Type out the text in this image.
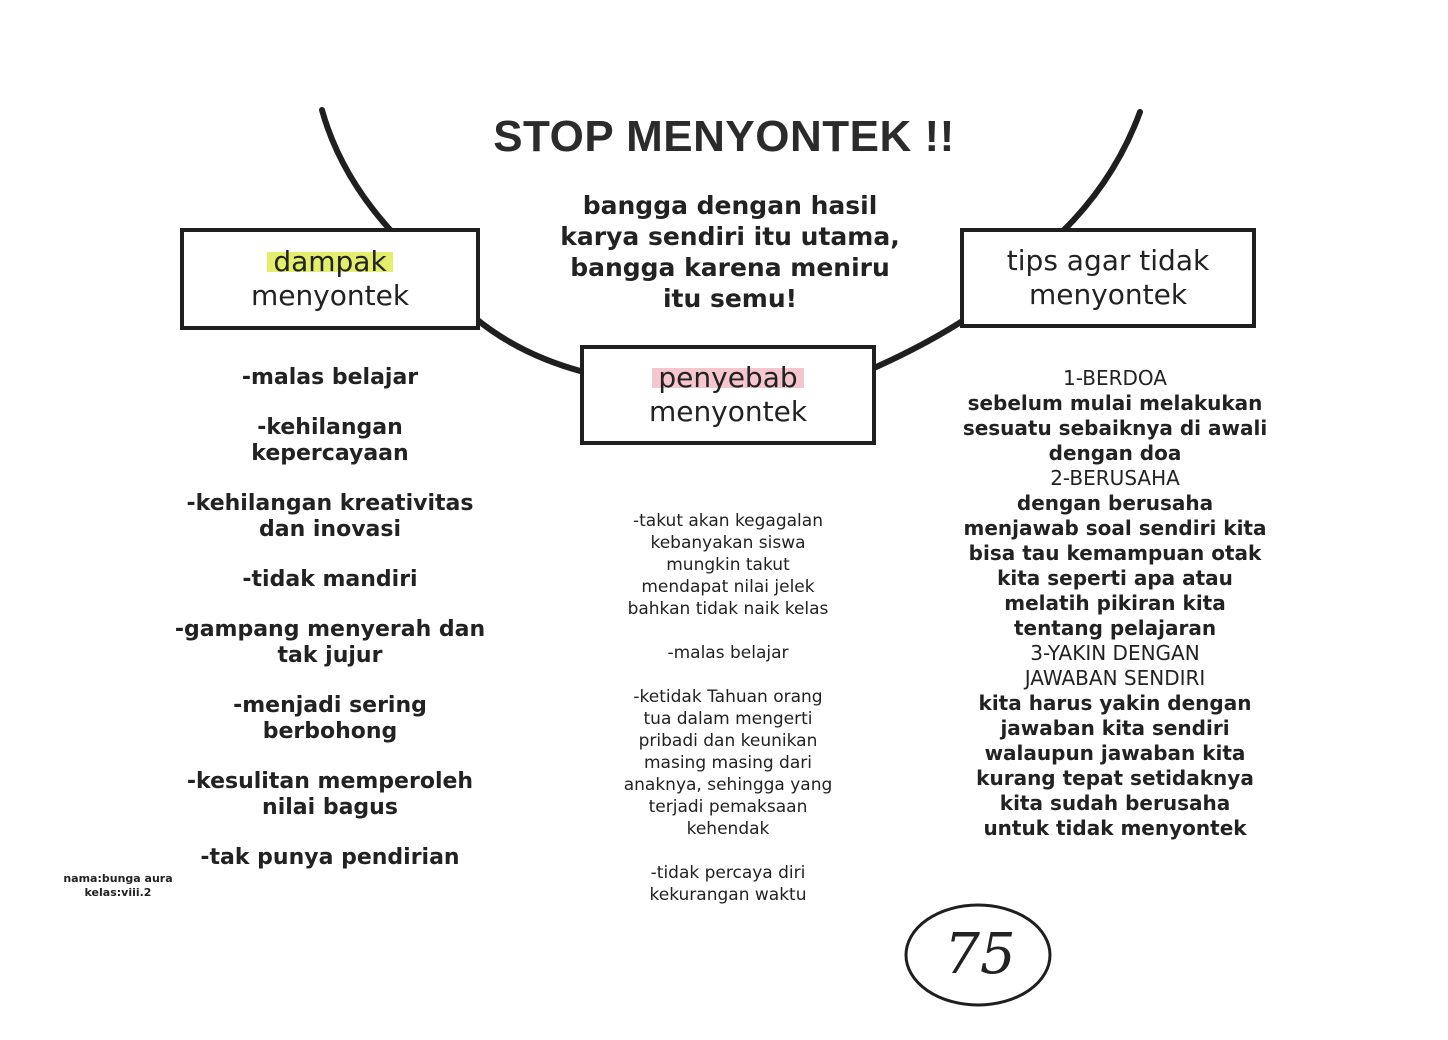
STOP MENYONTEK !!
bangga dengan hasil
karya sendiri itu utama,
bangga karena meniru
itu semu!
dampak
menyontek
penyebab
menyontek
tips agar tidak
menyontek
-malas belajar
-kehilangan
kepercayaan
-kehilangan kreativitas
dan inovasi
-tidak mandiri
-gampang menyerah dan
tak jujur
-menjadi sering
berbohong
-kesulitan memperoleh
nilai bagus
-tak punya pendirian
-takut akan kegagalan
kebanyakan siswa
mungkin takut
mendapat nilai jelek
bahkan tidak naik kelas
-malas belajar
-ketidak Tahuan orang
tua dalam mengerti
pribadi dan keunikan
masing masing dari
anaknya, sehingga yang
terjadi pemaksaan
kehendak
-tidak percaya diri
kekurangan waktu
1-BERDOA
sebelum mulai melakukan
sesuatu sebaiknya di awali
dengan doa
2-BERUSAHA
dengan berusaha
menjawab soal sendiri kita
bisa tau kemampuan otak
kita seperti apa atau
melatih pikiran kita
tentang pelajaran
3-YAKIN DENGAN
JAWABAN SENDIRI
kita harus yakin dengan
jawaban kita sendiri
walaupun jawaban kita
kurang tepat setidaknya
kita sudah berusaha
untuk tidak menyontek
nama:bunga aura
kelas:viii.2
75
